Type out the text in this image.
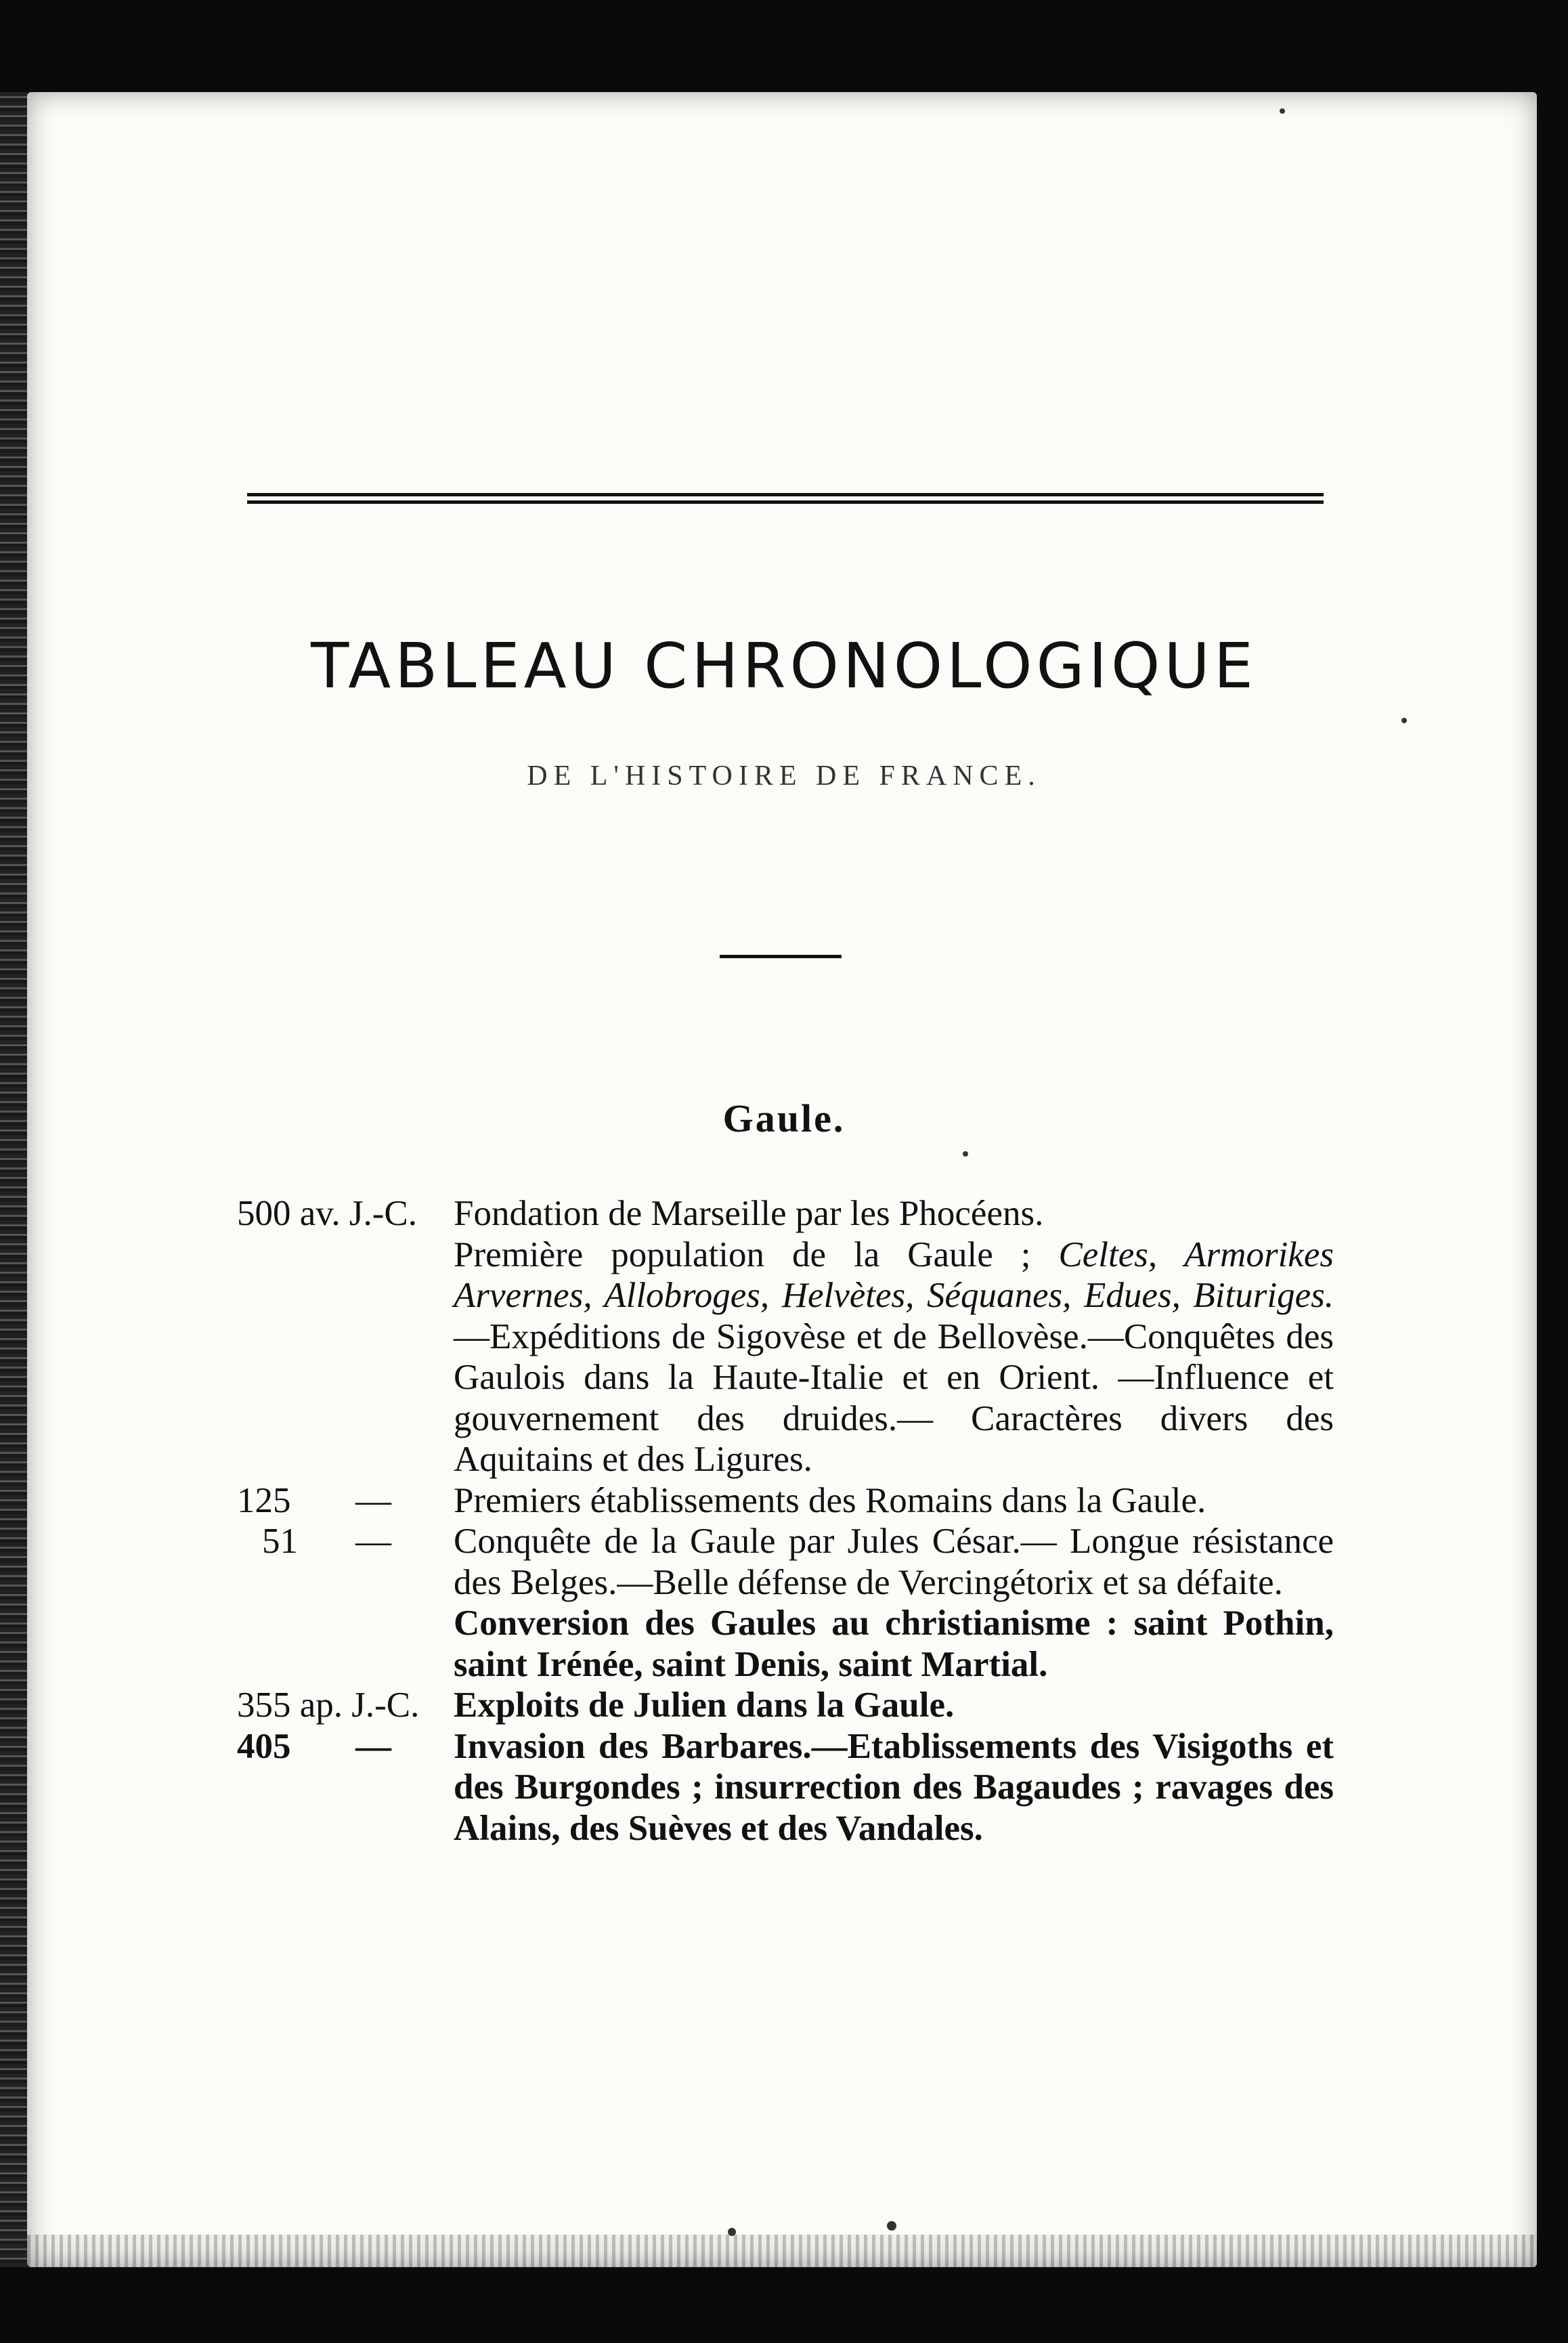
TABLEAU CHRONOLOGIQUE
DE L'HISTOIRE DE FRANCE.
Gaule.
500 av. J.-C.	Fondation de Marseille par les Phocéens.
Première population de la Gaule ; Celtes, Armorikes Arvernes, Allobroges, Helvètes, Séquanes, Edues, Bituriges.—Expéditions de Sigovèse et de Bellovèse.—Conquêtes des Gaulois dans la Haute-Italie et en Orient. —Influence et gouvernement des druides.— Caractères divers des Aquitains et des Ligures.
125 — Premiers établissements des Romains dans la Gaule.
51 — Conquête de la Gaule par Jules César.— Longue résistance des Belges.—Belle défense de Vercingétorix et sa défaite.
Conversion des Gaules au christianisme : saint Pothin, saint Irénée, saint Denis, saint Martial.
355 ap. J.-C. Exploits de Julien dans la Gaule.
405 — Invasion des Barbares.—Etablissements des Visigoths et des Burgondes ; insurrection des Bagaudes ; ravages des Alains, des Suèves et des Vandales.
